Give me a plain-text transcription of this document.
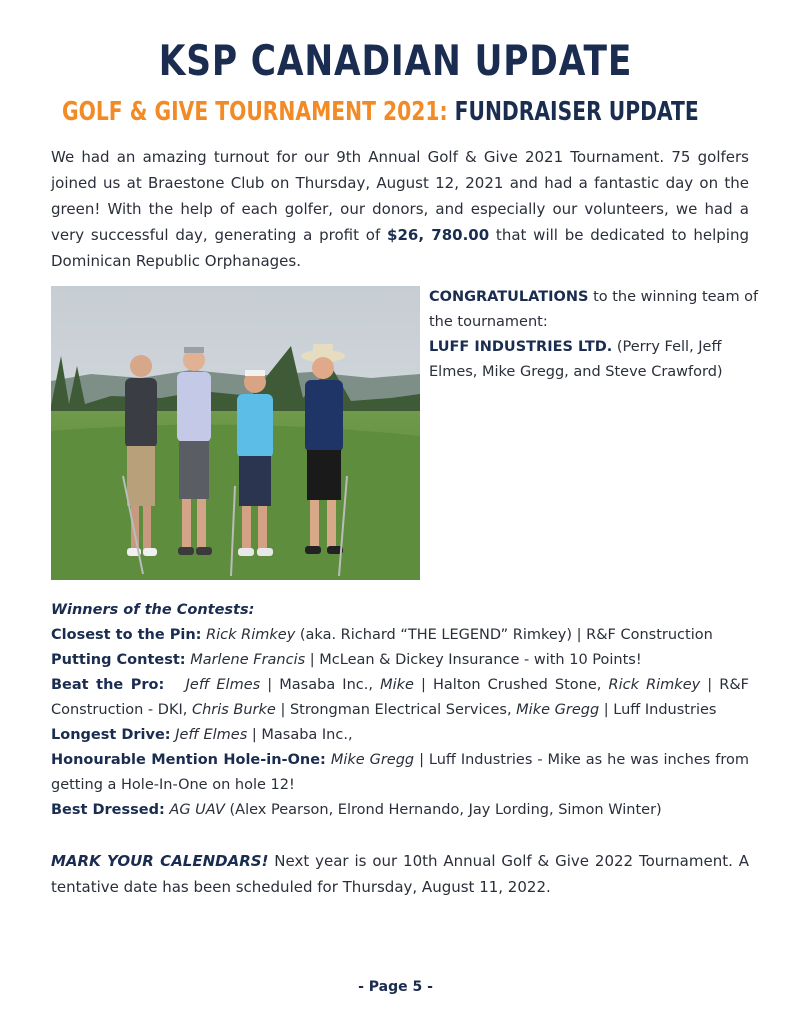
KSP CANADIAN UPDATE
GOLF & GIVE TOURNAMENT 2021: FUNDRAISER UPDATE
We had an amazing turnout for our 9th Annual Golf & Give 2021 Tournament. 75 golfers joined us at Braestone Club on Thursday, August 12, 2021 and had a fantastic day on the green! With the help of each golfer, our donors, and especially our volunteers, we had a very successful day, generating a profit of $26, 780.00 that will be dedicated to helping Dominican Republic Orphanages.
CONGRATULATIONS to the winning team of the tournament:
LUFF INDUSTRIES LTD. (Perry Fell, Jeff Elmes, Mike Gregg, and Steve Crawford)
Winners of the Contests:
Closest to the Pin: Rick Rimkey (aka. Richard “THE LEGEND” Rimkey) | R&F Construction
Putting Contest: Marlene Francis | McLean & Dickey Insurance - with 10 Points!
Beat the Pro: Jeff Elmes | Masaba Inc., Mike | Halton Crushed Stone, Rick Rimkey | R&F Construction - DKI, Chris Burke | Strongman Electrical Services, Mike Gregg | Luff Industries
Longest Drive: Jeff Elmes | Masaba Inc.,
Honourable Mention Hole-in-One: Mike Gregg | Luff Industries - Mike as he was inches from getting a Hole-In-One on hole 12!
Best Dressed: AG UAV (Alex Pearson, Elrond Hernando, Jay Lording, Simon Winter)
MARK YOUR CALENDARS! Next year is our 10th Annual Golf & Give 2022 Tournament. A tentative date has been scheduled for Thursday, August 11, 2022.
- Page 5 -
